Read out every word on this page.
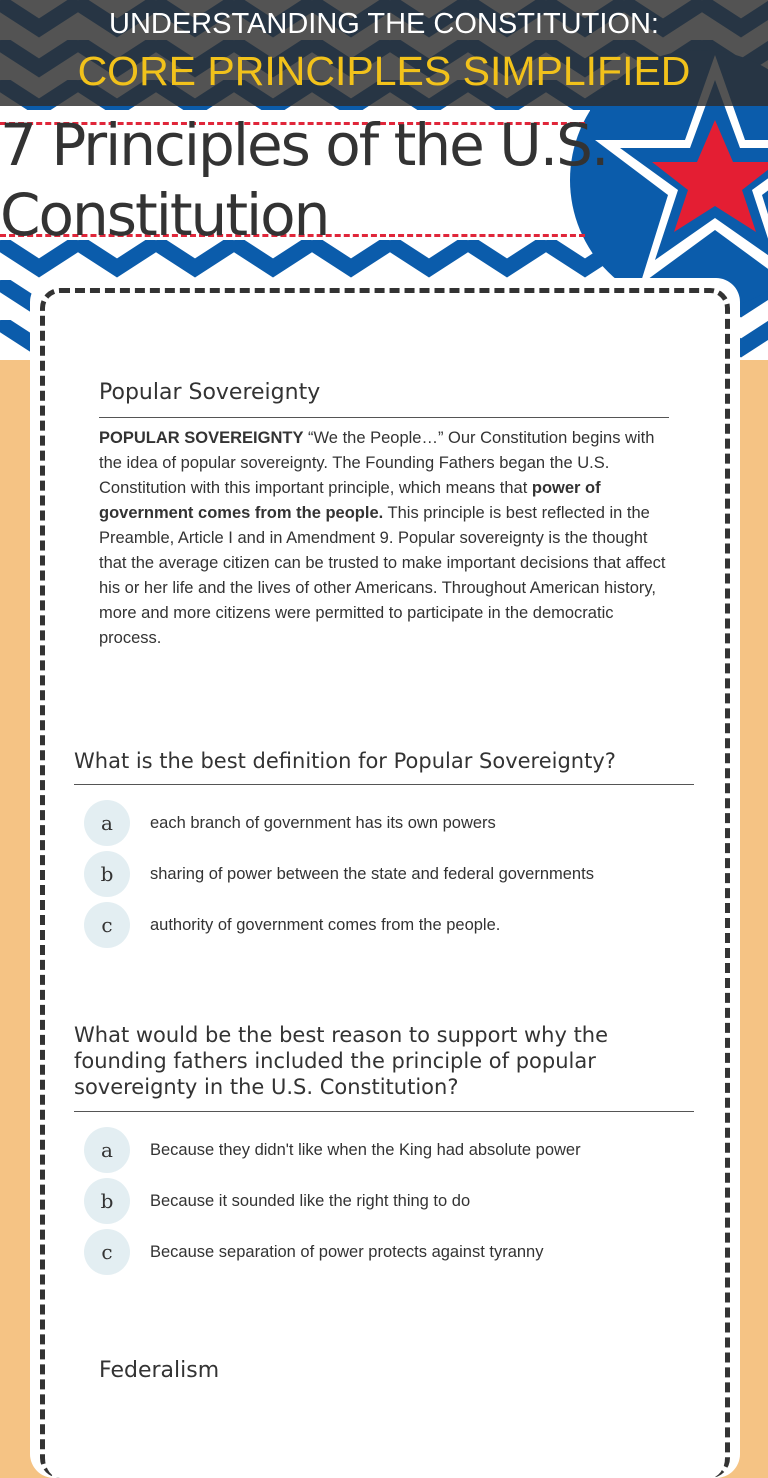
7 Principles of the U.S. Constitution
Popular Sovereignty
POPULAR SOVEREIGNTY “We the People…” Our Constitution begins with the idea of popular sovereignty. The Founding Fathers began the U.S. Constitution with this important principle, which means that power of government comes from the people. This principle is best reflected in the Preamble, Article I and in Amendment 9. Popular sovereignty is the thought that the average citizen can be trusted to make important decisions that affect his or her life and the lives of other Americans. Throughout American history, more and more citizens were permitted to participate in the democratic process.
What is the best definition for Popular Sovereignty?
a	each branch of government has its own powers
b	sharing of power between the state and federal governments
c	authority of government comes from the people.
What would be the best reason to support why the founding fathers included the principle of popular sovereignty in the U.S. Constitution?
a	Because they didn't like when the King had absolute power
b	Because it sounded like the right thing to do
c	Because separation of power protects against tyranny
Federalism
UNDERSTANDING THE CONSTITUTION:
CORE PRINCIPLES SIMPLIFIED
